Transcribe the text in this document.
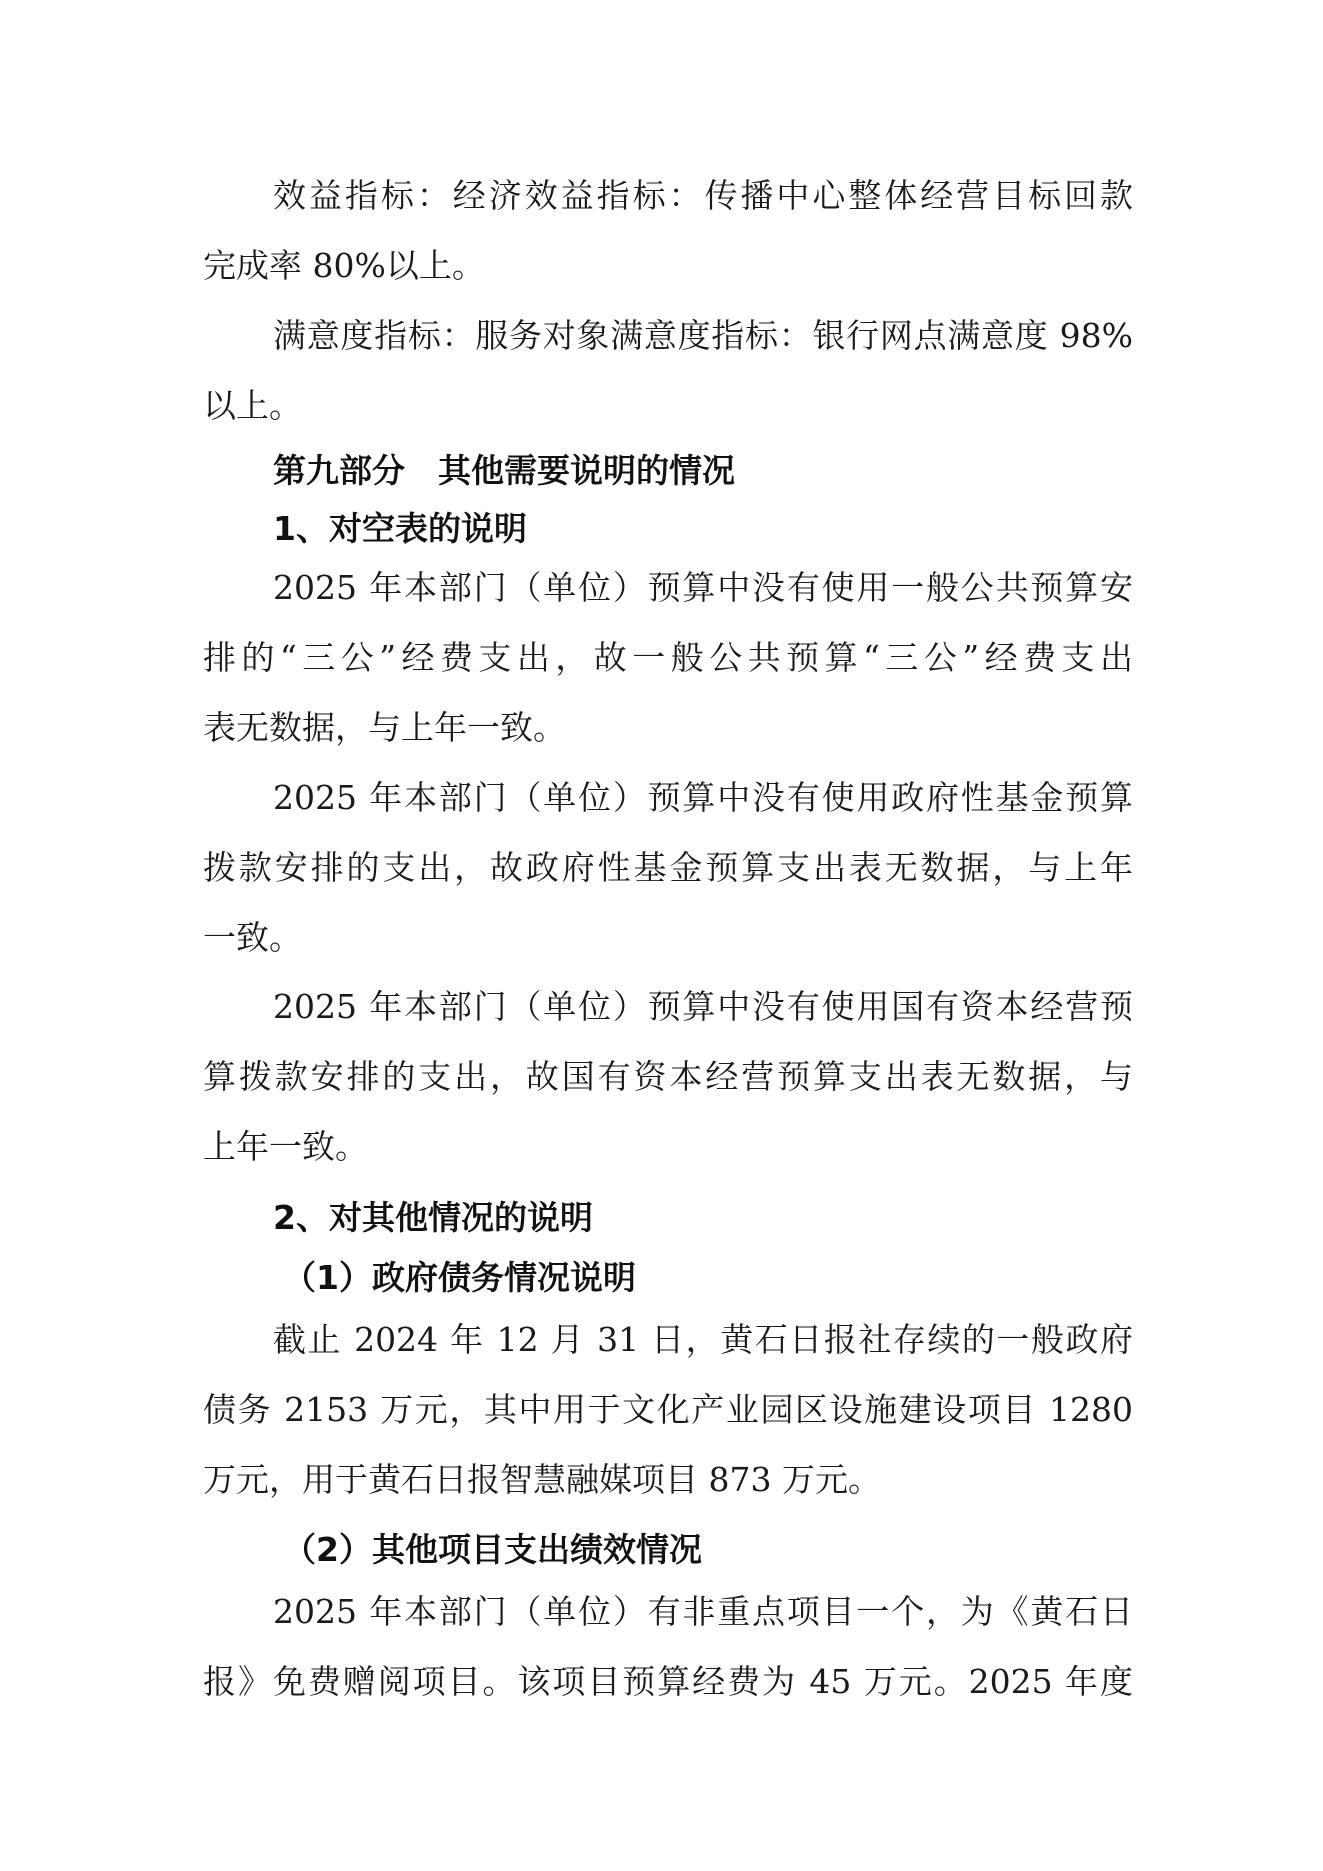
效益指标：经济效益指标：传播中心整体经营目标回款
完成率 80%以上。
满意度指标：服务对象满意度指标：银行网点满意度 98%
以上。
第九部分　其他需要说明的情况
1、对空表的说明
2025 年本部门（单位）预算中没有使用一般公共预算安
排的“三公”经费支出，故一般公共预算“三公”经费支出
表无数据，与上年一致。
2025 年本部门（单位）预算中没有使用政府性基金预算
拨款安排的支出，故政府性基金预算支出表无数据，与上年
一致。
2025 年本部门（单位）预算中没有使用国有资本经营预
算拨款安排的支出，故国有资本经营预算支出表无数据，与
上年一致。
2、对其他情况的说明
（1）政府债务情况说明
截止 2024 年 12 月 31 日，黄石日报社存续的一般政府
债务 2153 万元，其中用于文化产业园区设施建设项目 1280
万元，用于黄石日报智慧融媒项目 873 万元。
（2）其他项目支出绩效情况
2025 年本部门（单位）有非重点项目一个，为《黄石日
报》免费赠阅项目。该项目预算经费为 45 万元。2025 年度
